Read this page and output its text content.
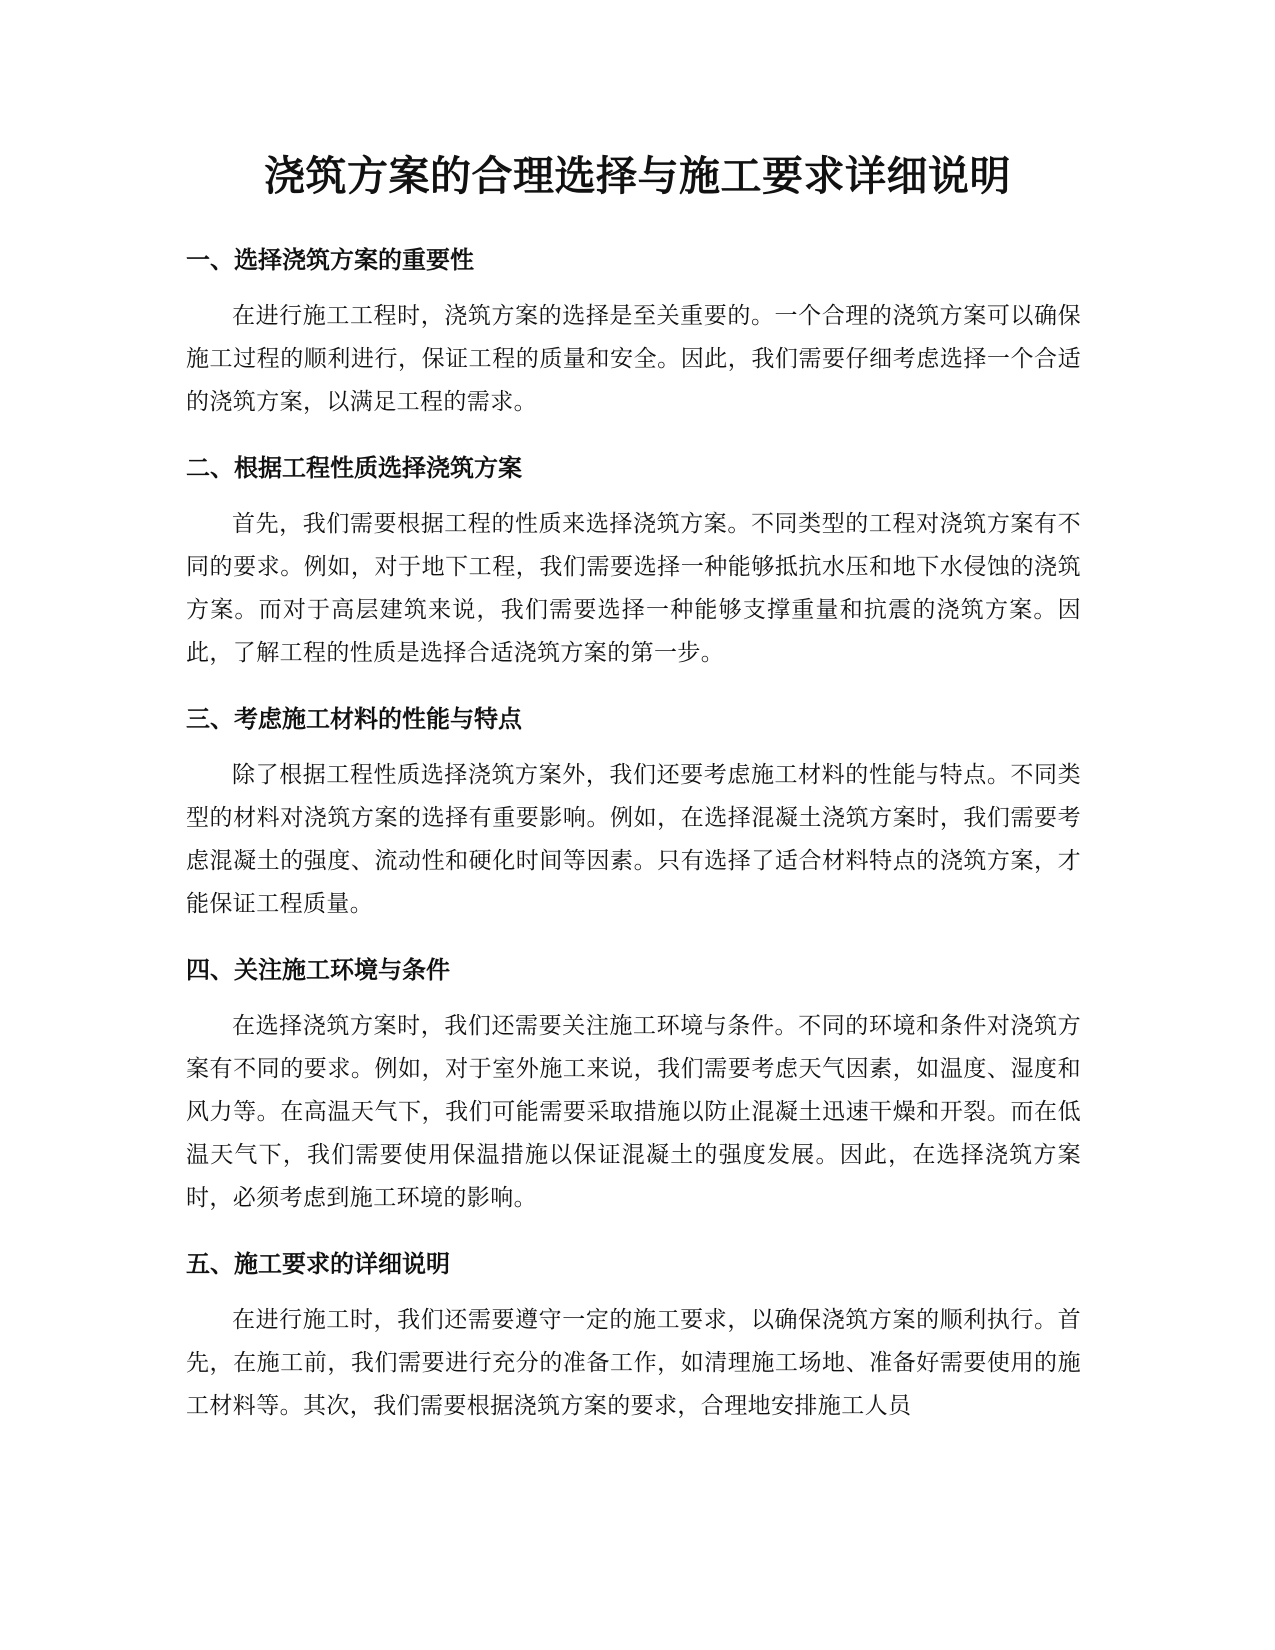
浇筑方案的合理选择与施工要求详细说明
一、选择浇筑方案的重要性

在进行施工工程时，浇筑方案的选择是至关重要的。一个合理的浇筑方案可以确保施工过程的顺利进行，保证工程的质量和安全。因此，我们需要仔细考虑选择一个合适的浇筑方案，以满足工程的需求。

二、根据工程性质选择浇筑方案

首先，我们需要根据工程的性质来选择浇筑方案。不同类型的工程对浇筑方案有不同的要求。例如，对于地下工程，我们需要选择一种能够抵抗水压和地下水侵蚀的浇筑方案。而对于高层建筑来说，我们需要选择一种能够支撑重量和抗震的浇筑方案。因此，了解工程的性质是选择合适浇筑方案的第一步。

三、考虑施工材料的性能与特点

除了根据工程性质选择浇筑方案外，我们还要考虑施工材料的性能与特点。不同类型的材料对浇筑方案的选择有重要影响。例如，在选择混凝土浇筑方案时，我们需要考虑混凝土的强度、流动性和硬化时间等因素。只有选择了适合材料特点的浇筑方案，才能保证工程质量。

四、关注施工环境与条件

在选择浇筑方案时，我们还需要关注施工环境与条件。不同的环境和条件对浇筑方案有不同的要求。例如，对于室外施工来说，我们需要考虑天气因素，如温度、湿度和风力等。在高温天气下，我们可能需要采取措施以防止混凝土迅速干燥和开裂。而在低温天气下，我们需要使用保温措施以保证混凝土的强度发展。因此，在选择浇筑方案时，必须考虑到施工环境的影响。

五、施工要求的详细说明

在进行施工时，我们还需要遵守一定的施工要求，以确保浇筑方案的顺利执行。首先，在施工前，我们需要进行充分的准备工作，如清理施工场地、准备好需要使用的施工材料等。其次，我们需要根据浇筑方案的要求，合理地安排施工人员
